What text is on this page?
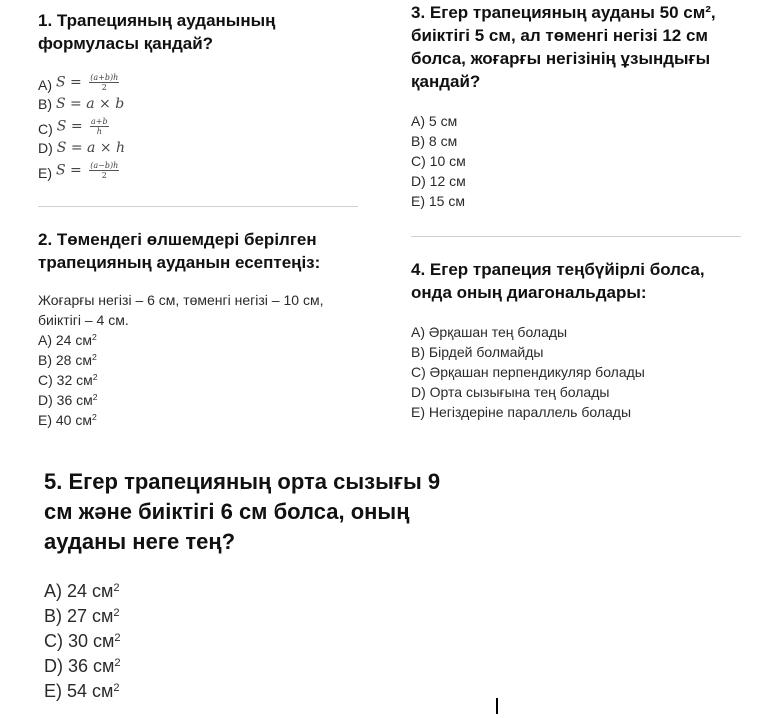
1. Трапецияның ауданының
формуласы қандай?

A) $S = \frac{(a+b)h}{2}$
B) S = a × b
C) $S = \frac{a+b}{h}$
D) S = a × h
E) $S = \frac{(a-b)h}{2}$

2. Төмендегі өлшемдері берілген
трапецияның ауданын есептеңіз:

Жоғарғы негізі – 6 см, төменгі негізі – 10 см,
биіктігі – 4 см.
A) 24 $см^2$
B) 28 $см^2$
C) 32 $см^2$
D) 36 $см^2$
E) 40 $см^2$

3. Егер трапецияның ауданы 50 см²,
биіктігі 5 см, ал төменгі негізі 12 см
болса, жоғарғы негізінің ұзындығы
қандай?

A) 5 см
B) 8 см
C) 10 см
D) 12 см
E) 15 см

4. Егер трапеция теңбүйірлі болса,
онда оның диагональдары:

A) Әрқашан тең болады
B) Бірдей болмайды
C) Әрқашан перпендикуляр болады
D) Орта сызығына тең болады
E) Негіздеріне параллель болады

5. Егер трапецияның орта сызығы 9
см және биіктігі 6 см болса, оның
ауданы неге тең?

A) 24 $см^2$
B) 27 $см^2$
C) 30 $см^2$
D) 36 $см^2$
E) 54 $см^2$
